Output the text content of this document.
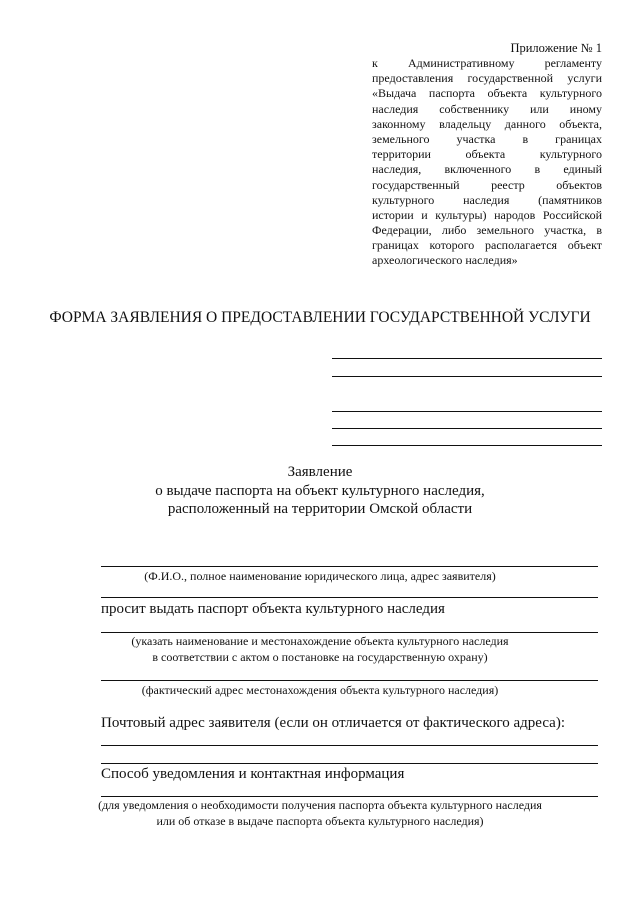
Приложение № 1
к Административному регламенту
предоставления государственной услуги
«Выдача паспорта объекта культурного
наследия собственнику или иному
законному владельцу данного объекта,
земельного участка в границах
территории объекта культурного
наследия, включенного в единый
государственный реестр объектов
культурного наследия (памятников
истории и культуры) народов Российской
Федерации, либо земельного участка, в
границах которого располагается объект
археологического наследия»
ФОРМА ЗАЯВЛЕНИЯ О ПРЕДОСТАВЛЕНИИ ГОСУДАРСТВЕННОЙ УСЛУГИ
Заявление
о выдаче паспорта на объект культурного наследия,
расположенный на территории Омской области
(Ф.И.О., полное наименование юридического лица, адрес заявителя)
просит выдать паспорт объекта культурного наследия
(указать наименование и местонахождение объекта культурного наследия
в соответствии с актом о постановке на государственную охрану)
(фактический адрес местонахождения объекта культурного наследия)
Почтовый адрес заявителя (если он отличается от фактического адреса):
Способ уведомления и контактная информация
(для уведомления о необходимости получения паспорта объекта культурного наследия
или об отказе в выдаче паспорта объекта культурного наследия)
